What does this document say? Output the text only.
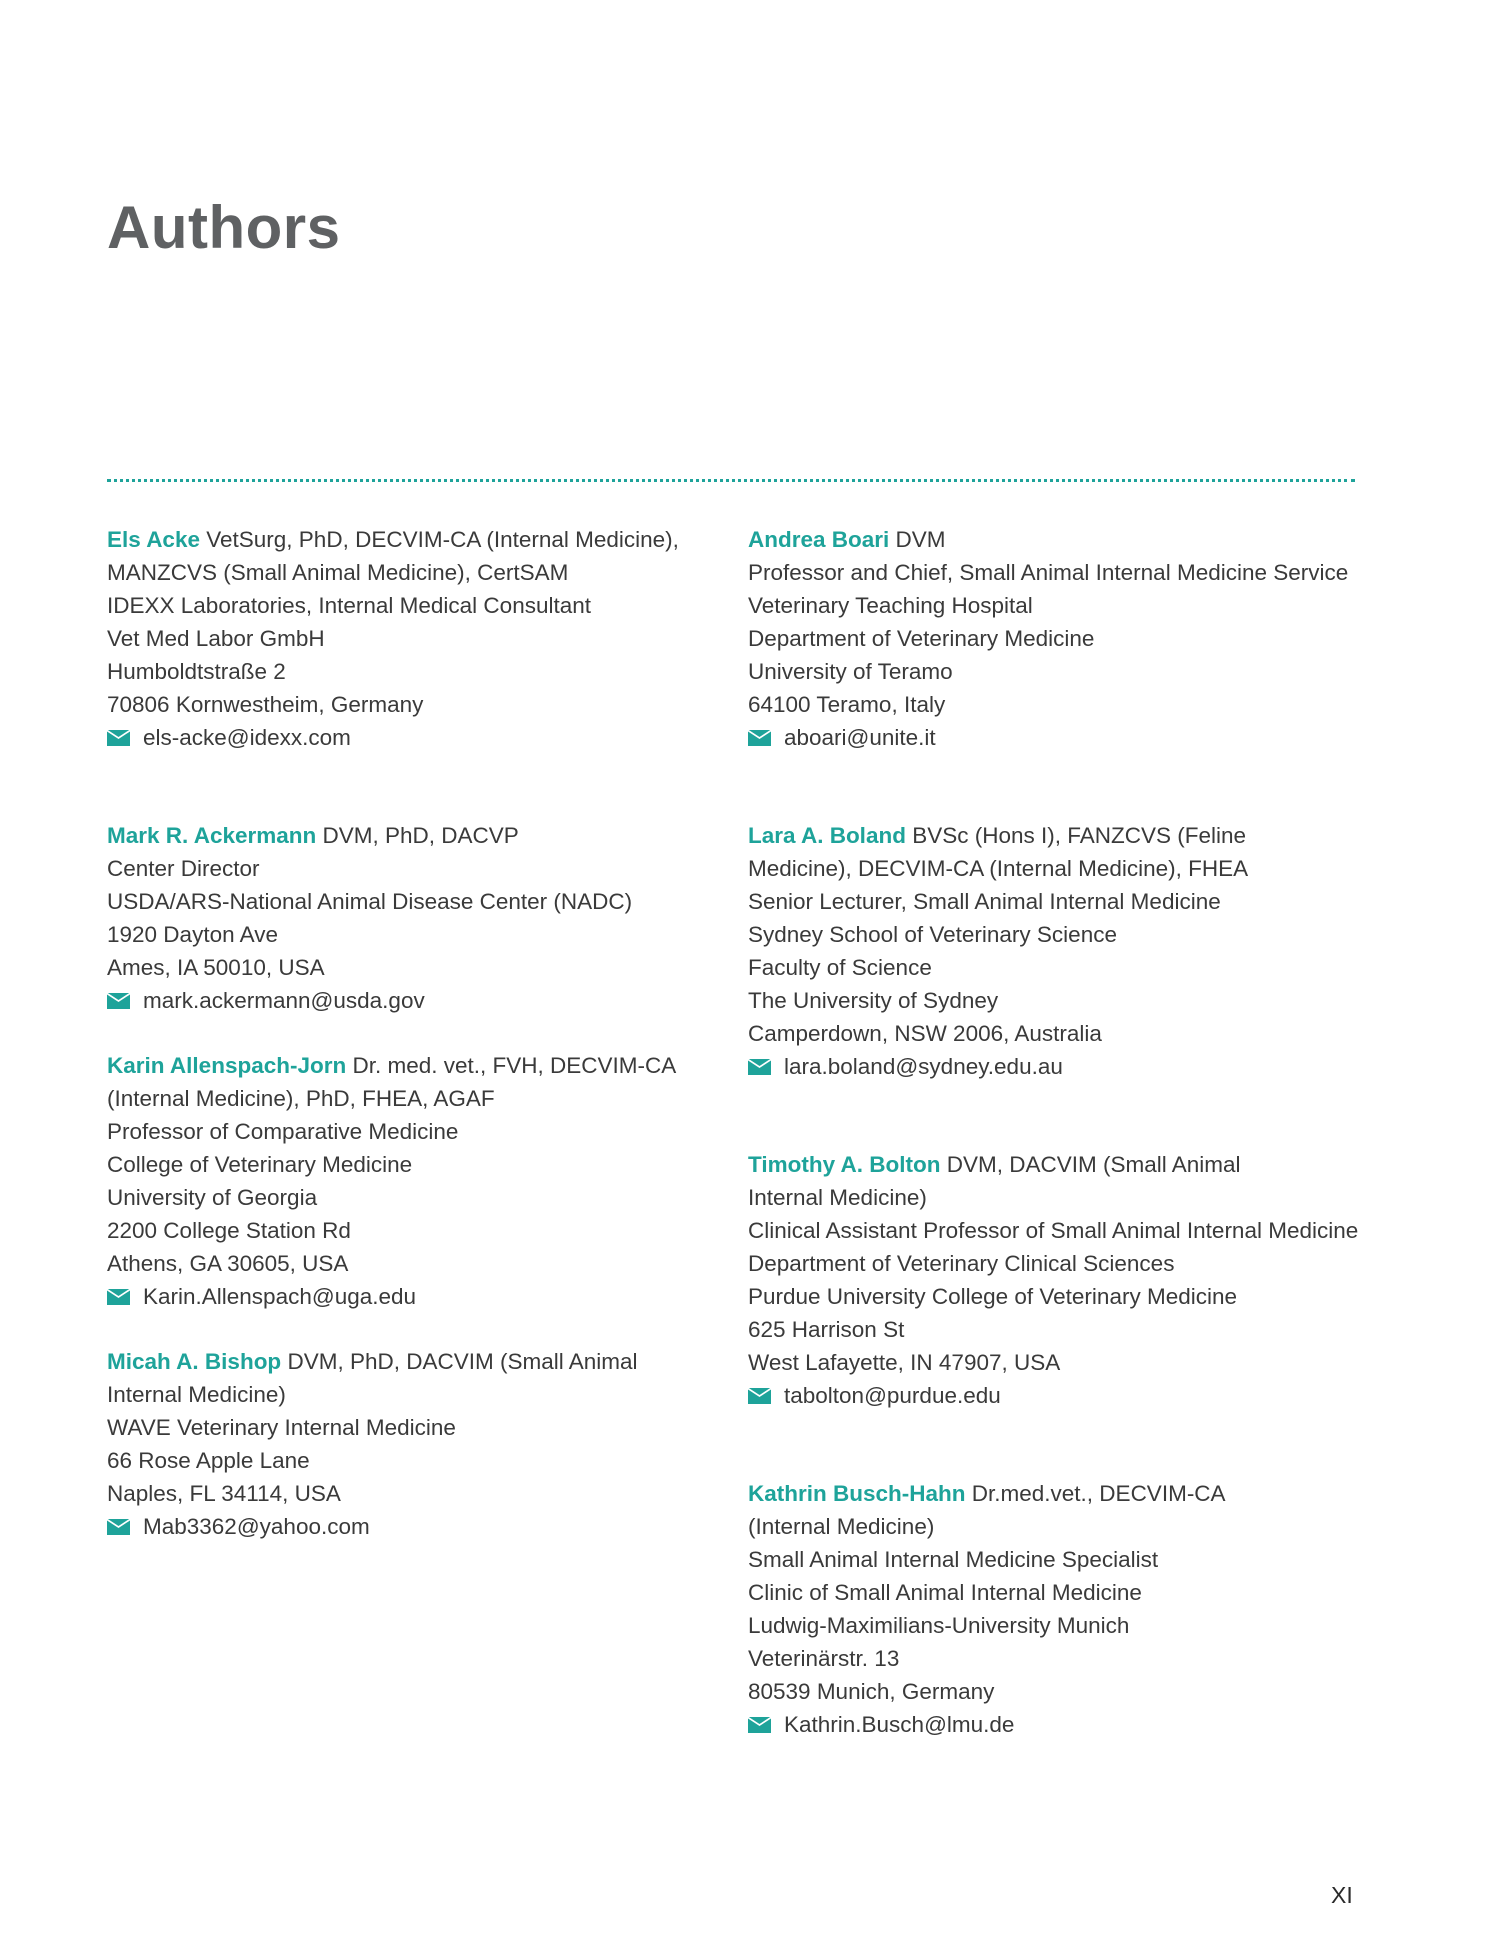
Authors
Els Acke VetSurg, PhD, DECVIM-CA (Internal Medicine),
MANZCVS (Small Animal Medicine), CertSAM
IDEXX Laboratories, Internal Medical Consultant
Vet Med Labor GmbH
Humboldtstraße 2
70806 Kornwestheim, Germany
els-acke@idexx.com
Mark R. Ackermann DVM, PhD, DACVP
Center Director
USDA/ARS-National Animal Disease Center (NADC)
1920 Dayton Ave
Ames, IA 50010, USA
mark.ackermann@usda.gov
Karin Allenspach-Jorn Dr. med. vet., FVH, DECVIM-CA
(Internal Medicine), PhD, FHEA, AGAF
Professor of Comparative Medicine
College of Veterinary Medicine
University of Georgia
2200 College Station Rd
Athens, GA 30605, USA
Karin.Allenspach@uga.edu
Micah A. Bishop DVM, PhD, DACVIM (Small Animal
Internal Medicine)
WAVE Veterinary Internal Medicine
66 Rose Apple Lane
Naples, FL 34114, USA
Mab3362@yahoo.com
Andrea Boari DVM
Professor and Chief, Small Animal Internal Medicine Service
Veterinary Teaching Hospital
Department of Veterinary Medicine
University of Teramo
64100 Teramo, Italy
aboari@unite.it
Lara A. Boland BVSc (Hons I), FANZCVS (Feline
Medicine), DECVIM-CA (Internal Medicine), FHEA
Senior Lecturer, Small Animal Internal Medicine
Sydney School of Veterinary Science
Faculty of Science
The University of Sydney
Camperdown, NSW 2006, Australia
lara.boland@sydney.edu.au
Timothy A. Bolton DVM, DACVIM (Small Animal
Internal Medicine)
Clinical Assistant Professor of Small Animal Internal Medicine
Department of Veterinary Clinical Sciences
Purdue University College of Veterinary Medicine
625 Harrison St
West Lafayette, IN 47907, USA
tabolton@purdue.edu
Kathrin Busch-Hahn Dr.med.vet., DECVIM-CA
(Internal Medicine)
Small Animal Internal Medicine Specialist
Clinic of Small Animal Internal Medicine
Ludwig-Maximilians-University Munich
Veterinärstr. 13
80539 Munich, Germany
Kathrin.Busch@lmu.de
XI
